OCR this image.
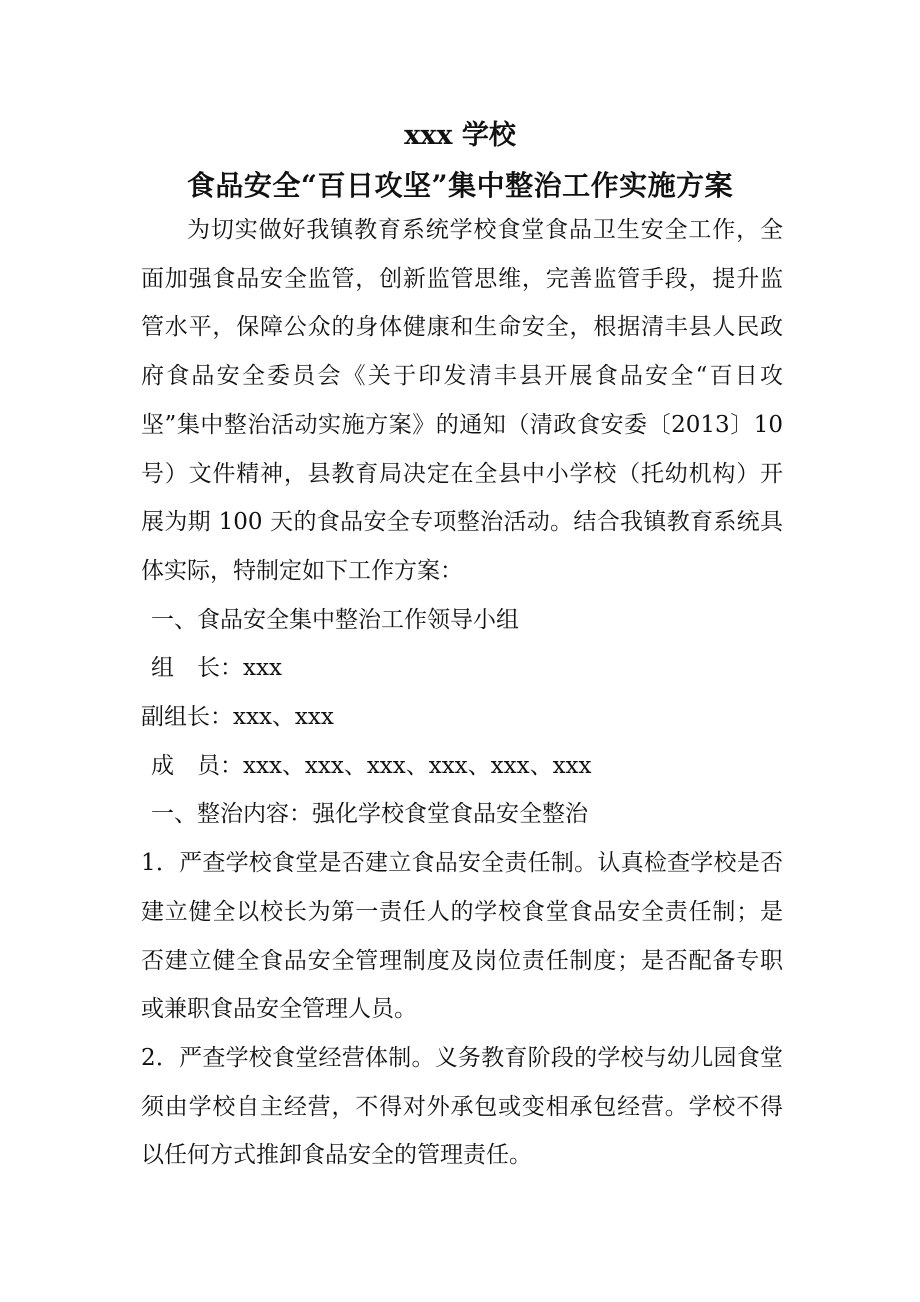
xxx 学校
食品安全“百日攻坚”集中整治工作实施方案

为切实做好我镇教育系统学校食堂食品卫生安全工作，全面加强食品安全监管，创新监管思维，完善监管手段，提升监管水平，保障公众的身体健康和生命安全，根据清丰县人民政府食品安全委员会《关于印发清丰县开展食品安全“百日攻坚”集中整治活动实施方案》的通知（清政食安委〔2013〕10 号）文件精神，县教育局决定在全县中小学校（托幼机构）开展为期 100 天的食品安全专项整治活动。结合我镇教育系统具体实际，特制定如下工作方案：

一、食品安全集中整治工作领导小组

组　长：xxx

副组长：xxx、xxx

成　员：xxx、xxx、xxx、xxx、xxx、xxx

一、整治内容：强化学校食堂食品安全整治

1．严查学校食堂是否建立食品安全责任制。认真检查学校是否建立健全以校长为第一责任人的学校食堂食品安全责任制；是否建立健全食品安全管理制度及岗位责任制度；是否配备专职或兼职食品安全管理人员。

2．严查学校食堂经营体制。义务教育阶段的学校与幼儿园食堂须由学校自主经营，不得对外承包或变相承包经营。学校不得以任何方式推卸食品安全的管理责任。
